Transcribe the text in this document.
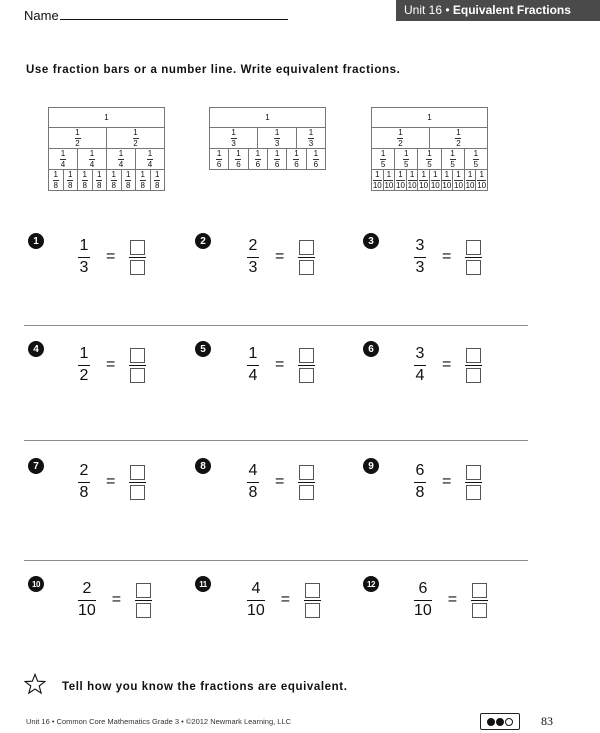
Name	Unit 16 • Equivalent Fractions
Use fraction bars or a number line. Write equivalent fractions.
1							

$\frac{1}{2}$				$\frac{1}{2}$

$\frac{1}{4}$		$\frac{1}{4}$		$\frac{1}{4}$		$\frac{1}{4}$

$\frac{1}{8}$	$\frac{1}{8}$	$\frac{1}{8}$	$\frac{1}{8}$	$\frac{1}{8}$	$\frac{1}{8}$	$\frac{1}{8}$	$\frac{1}{8}$
1							

$\frac{1}{3}$			$\frac{1}{3}$			$\frac{1}{3}$

$\frac{1}{6}$	$\frac{1}{6}$	$\frac{1}{6}$		$\frac{1}{6}$	$\frac{1}{6}$		$\frac{1}{6}$
1									

$\frac{1}{2}$					$\frac{1}{2}$

$\frac{1}{5}$		$\frac{1}{5}$		$\frac{1}{5}$		$\frac{1}{5}$		$\frac{1}{5}$

$\frac{1}{10}$	$\frac{1}{10}$	$\frac{1}{10}$	$\frac{1}{10}$	$\frac{1}{10}$	$\frac{1}{10}$	$\frac{1}{10}$	$\frac{1}{10}$	$\frac{1}{10}$	$\frac{1}{10}$
1	1
3
=
2	2
3
=
3	3
3
=
4	1
2
=
5	1
4
=
6	3
4
=
7	2
8
=
8	4
8
=
9	6
8
=
10	2
10
=
11	4
10
=
12	6
10
=
Tell how you know the fractions are equivalent.
Unit 16 • Common Core Mathematics Grade 3 • ©2012 Newmark Learning, LLC	83
